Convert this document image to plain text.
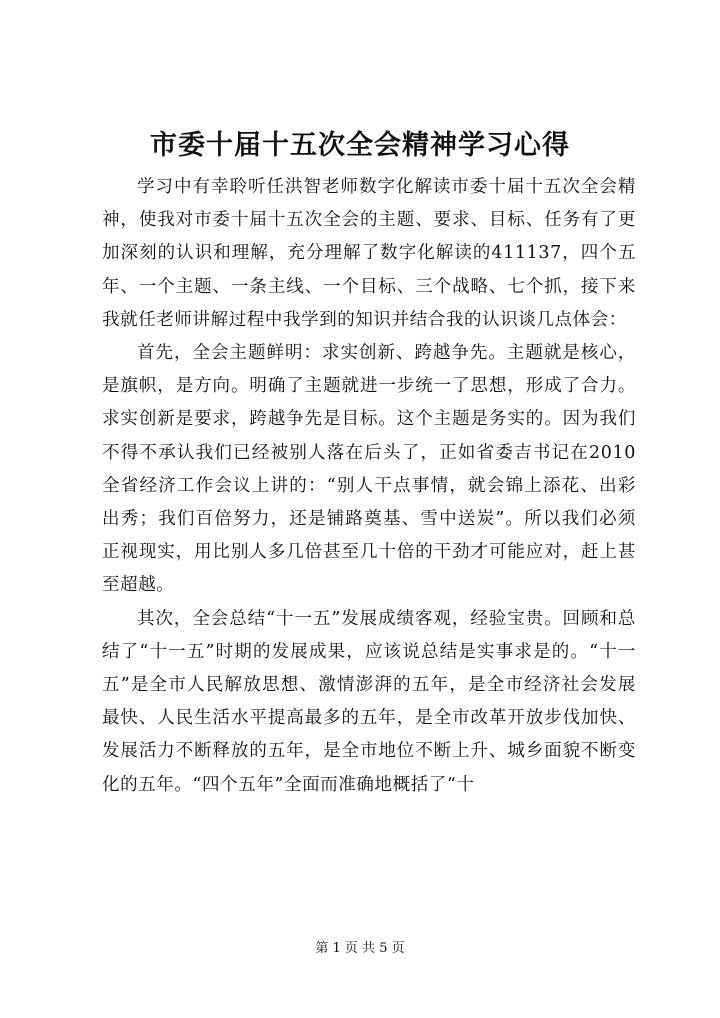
市委十届十五次全会精神学习心得

学习中有幸聆听任洪智老师数字化解读市委十届十五次全会精神，使我对市委十届十五次全会的主题、要求、目标、任务有了更加深刻的认识和理解，充分理解了数字化解读的411137，四个五年、一个主题、一条主线、一个目标、三个战略、七个抓，接下来我就任老师讲解过程中我学到的知识并结合我的认识谈几点体会：

首先，全会主题鲜明：求实创新、跨越争先。主题就是核心，是旗帜，是方向。明确了主题就进一步统一了思想，形成了合力。求实创新是要求，跨越争先是目标。这个主题是务实的。因为我们不得不承认我们已经被别人落在后头了，正如省委吉书记在2010全省经济工作会议上讲的：“别人干点事情，就会锦上添花、出彩出秀；我们百倍努力，还是铺路奠基、雪中送炭”。所以我们必须正视现实，用比别人多几倍甚至几十倍的干劲才可能应对，赶上甚至超越。

其次，全会总结“十一五”发展成绩客观，经验宝贵。回顾和总结了“十一五”时期的发展成果，应该说总结是实事求是的。“十一五”是全市人民解放思想、激情澎湃的五年，是全市经济社会发展最快、人民生活水平提高最多的五年，是全市改革开放步伐加快、发展活力不断释放的五年，是全市地位不断上升、城乡面貌不断变化的五年。“四个五年”全面而准确地概括了“十

第 1 页 共 5 页
